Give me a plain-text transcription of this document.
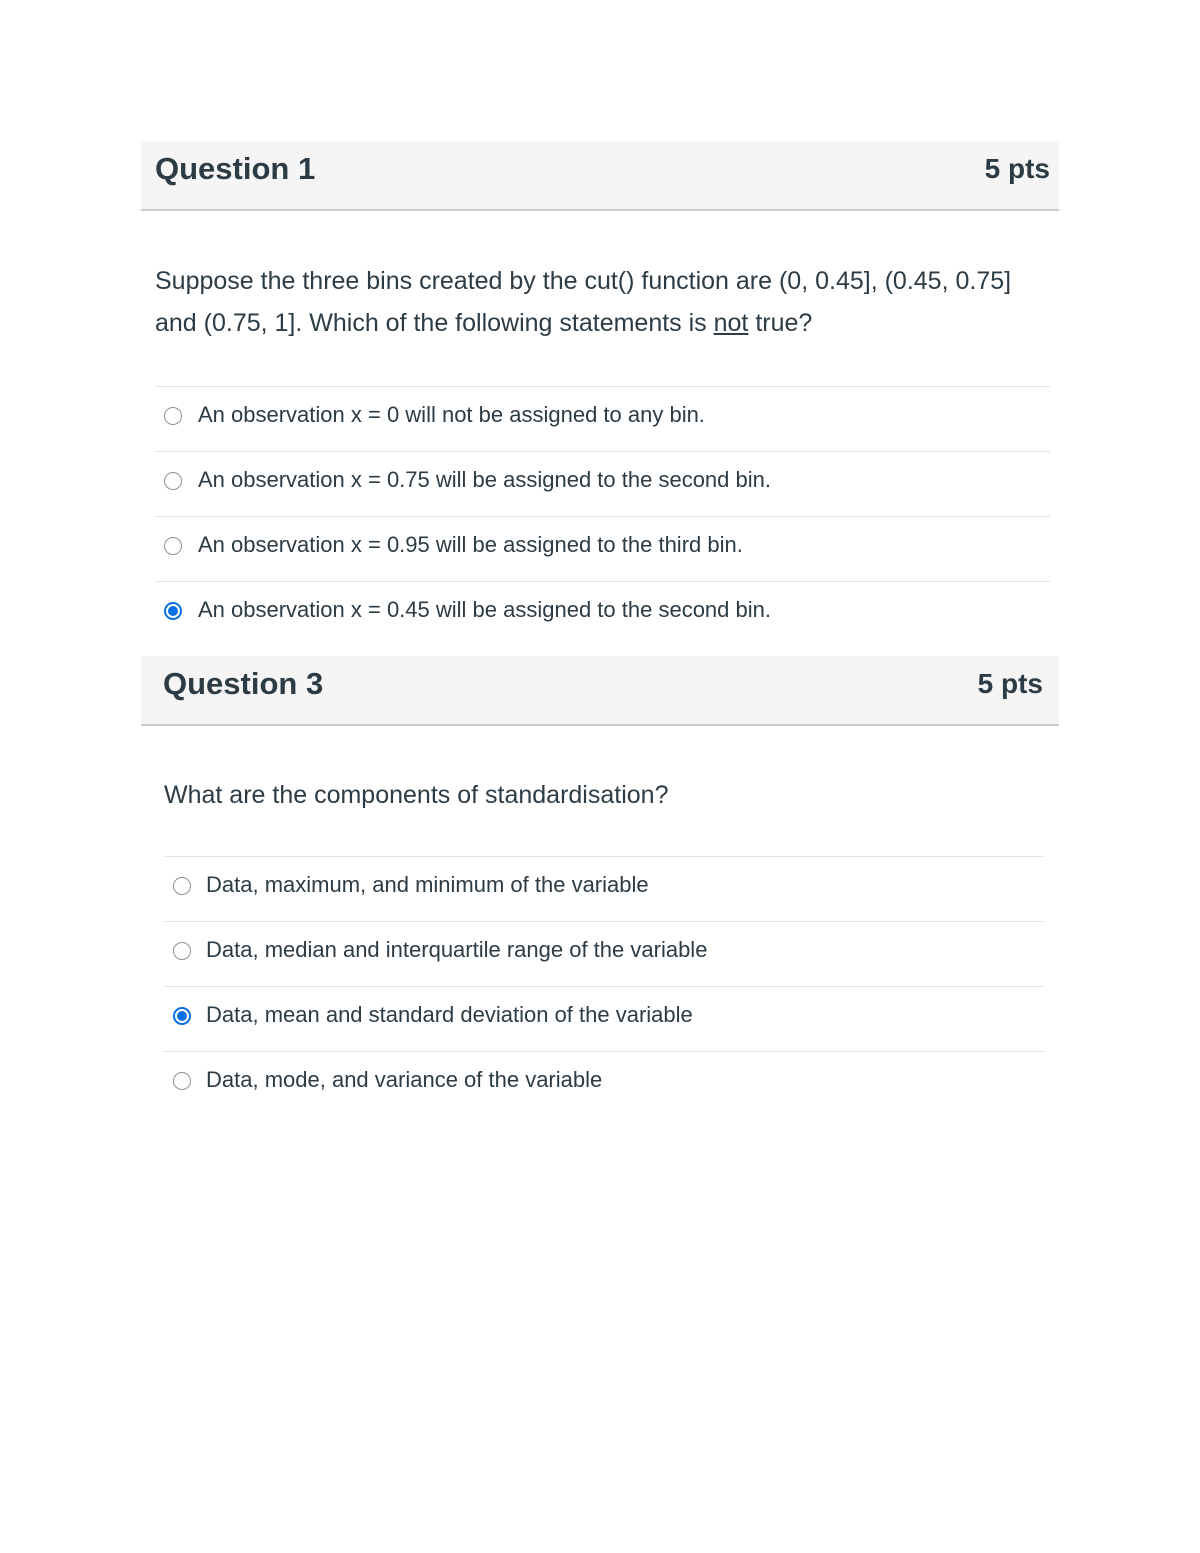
Question 1	5 pts
Suppose the three bins created by the cut() function are (0, 0.45], (0.45, 0.75] and (0.75, 1]. Which of the following statements is not true?
An observation x = 0 will not be assigned to any bin.
An observation x = 0.75 will be assigned to the second bin.
An observation x = 0.95 will be assigned to the third bin.
An observation x = 0.45 will be assigned to the second bin.
Question 3	5 pts
What are the components of standardisation?
Data, maximum, and minimum of the variable
Data, median and interquartile range of the variable
Data, mean and standard deviation of the variable
Data, mode, and variance of the variable
